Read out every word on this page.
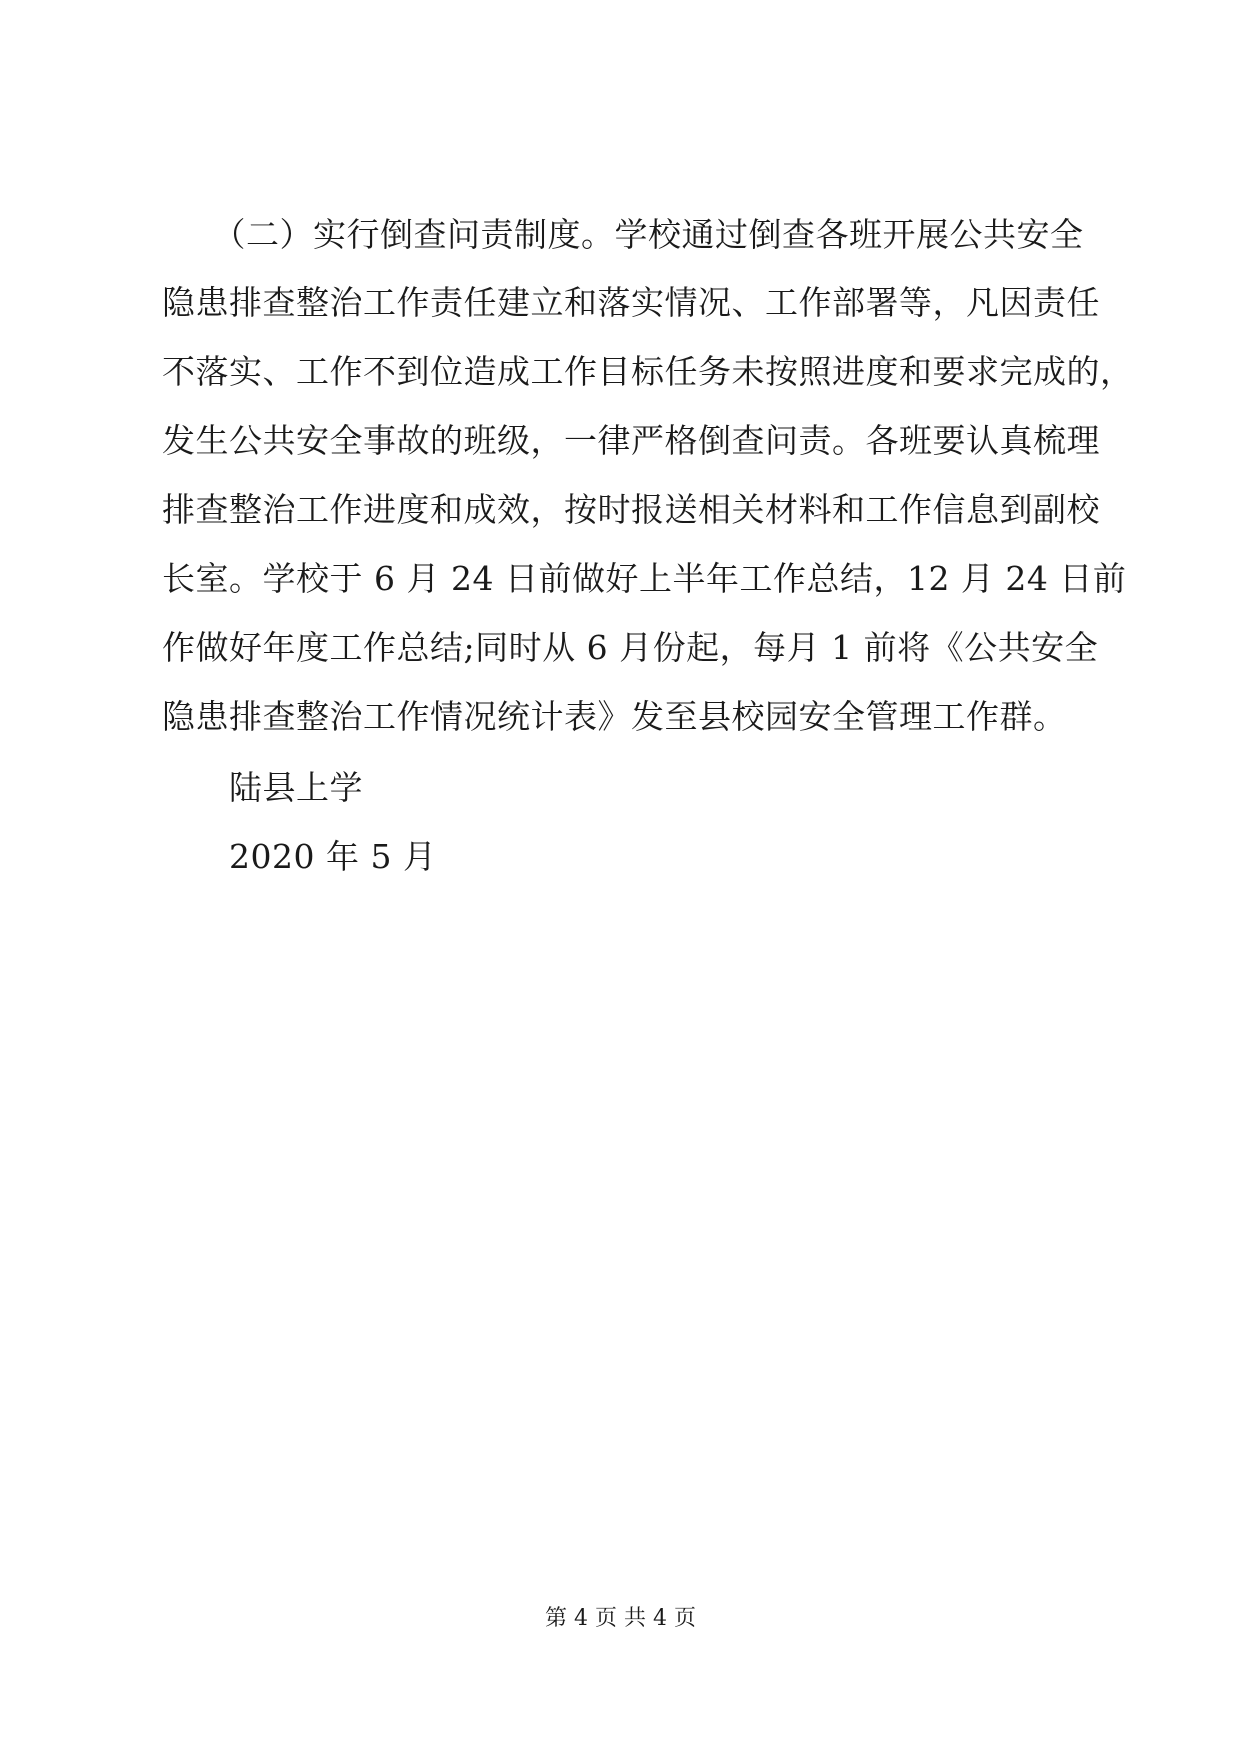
　　（二）实行倒查问责制度。学校通过倒查各班开展公共安全
隐患排查整治工作责任建立和落实情况、工作部署等，凡因责任
不落实、工作不到位造成工作目标任务未按照进度和要求完成的，
发生公共安全事故的班级，一律严格倒查问责。各班要认真梳理
排查整治工作进度和成效，按时报送相关材料和工作信息到副校
长室。学校于 6 月 24 日前做好上半年工作总结，12 月 24 日前
作做好年度工作总结;同时从 6 月份起，每月 1 前将《公共安全
隐患排查整治工作情况统计表》发至县校园安全管理工作群。
　　陆县上学
　　2020 年 5 月
第 4 页 共 4 页
